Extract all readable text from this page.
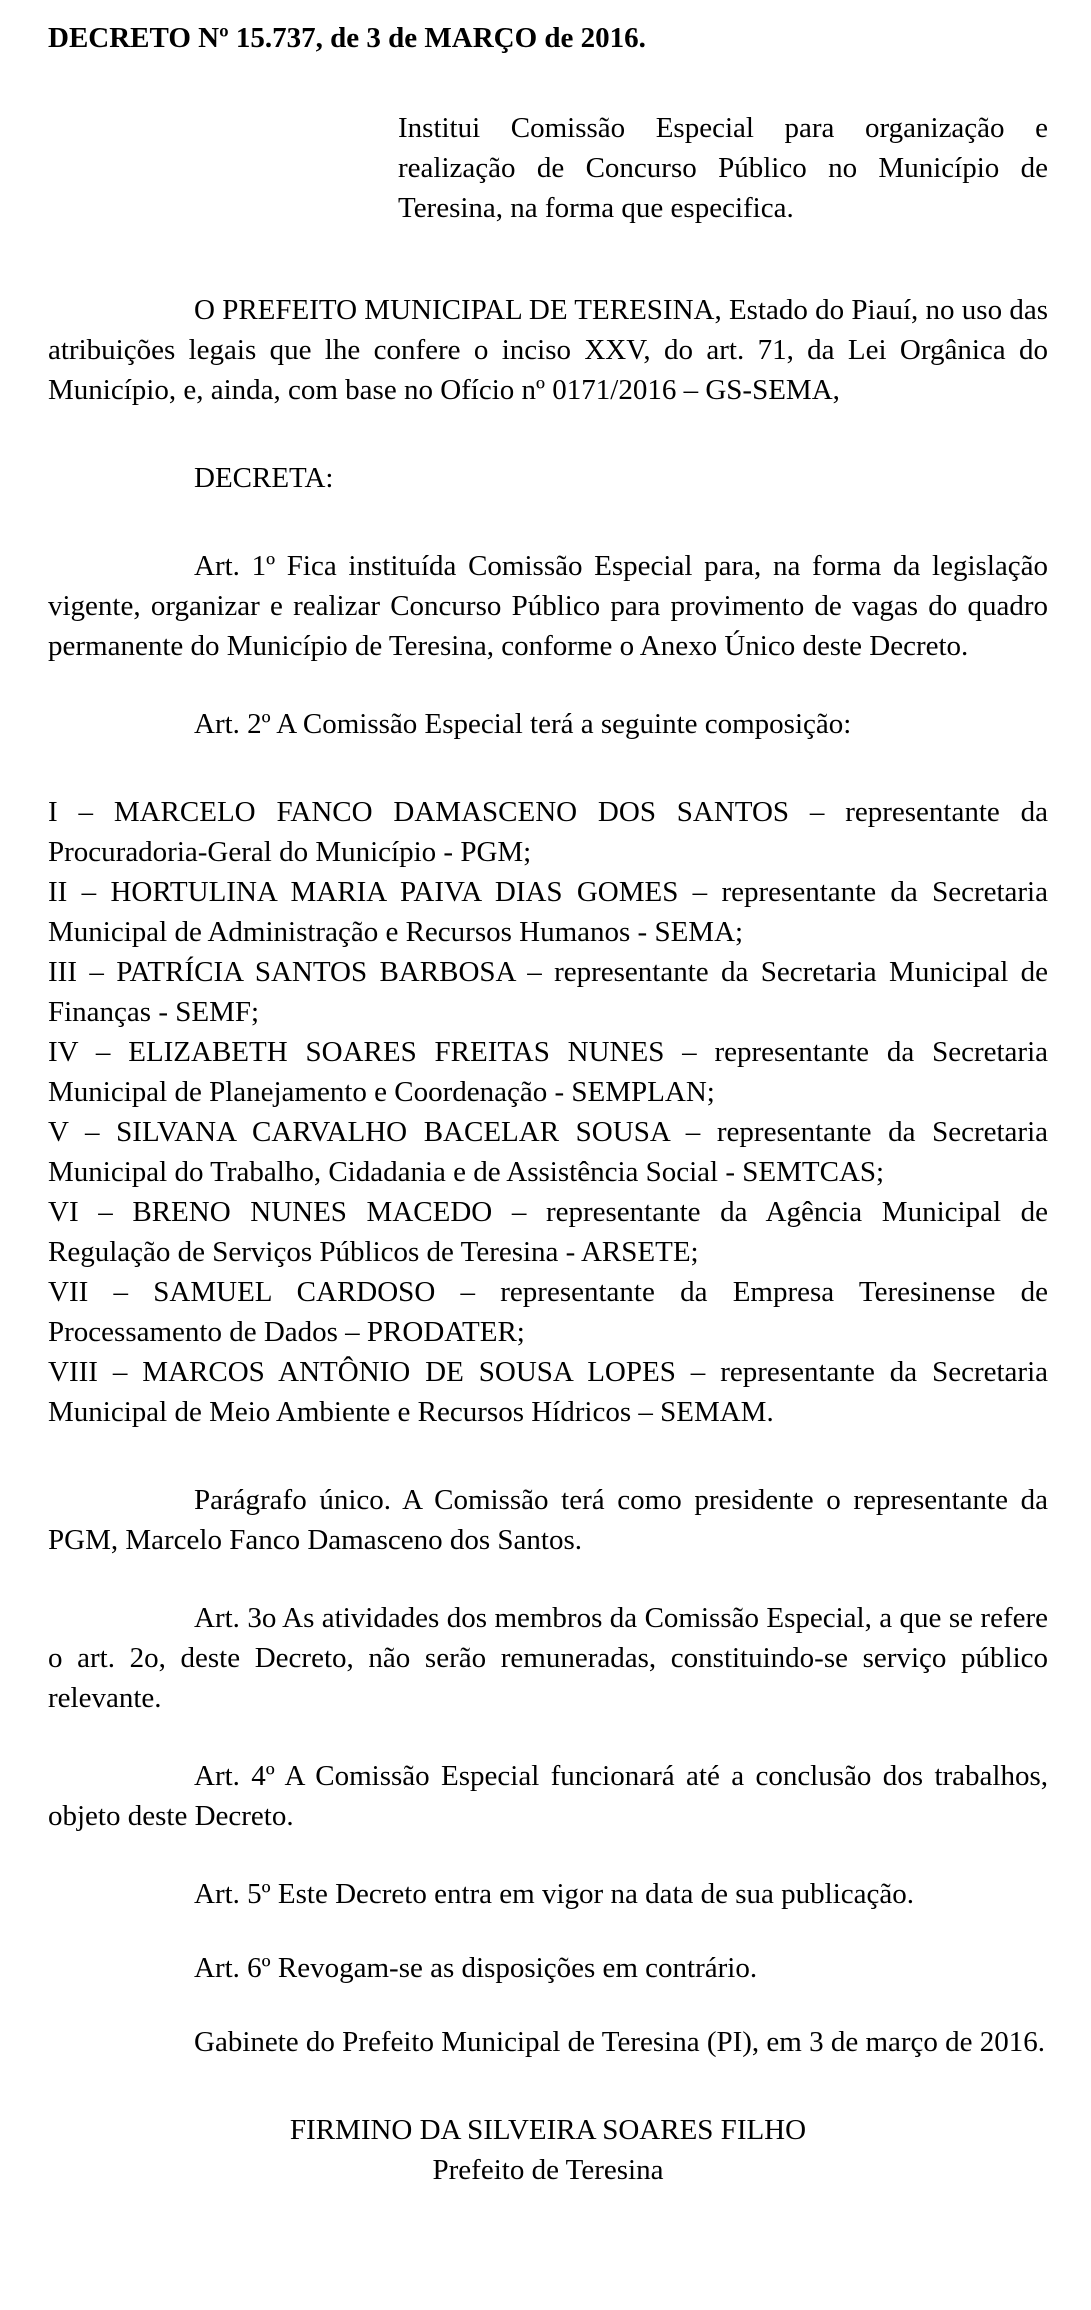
DECRETO Nº 15.737, de 3 de MARÇO de 2016.
Institui Comissão Especial para organização e realização de Concurso Público no Município de Teresina, na forma que especifica.

O PREFEITO MUNICIPAL DE TERESINA, Estado do Piauí, no uso das atribuições legais que lhe confere o inciso XXV, do art. 71, da Lei Orgânica do Município, e, ainda, com base no Ofício nº 0171/2016 – GS-SEMA,

DECRETA:

Art. 1º Fica instituída Comissão Especial para, na forma da legislação vigente, organizar e realizar Concurso Público para provimento de vagas do quadro permanente do Município de Teresina, conforme o Anexo Único deste Decreto.

Art. 2º A Comissão Especial terá a seguinte composição:

I – MARCELO FANCO DAMASCENO DOS SANTOS – representante da Procuradoria-Geral do Município - PGM;

II – HORTULINA MARIA PAIVA DIAS GOMES – representante da Secretaria Municipal de Administração e Recursos Humanos - SEMA;

III – PATRÍCIA SANTOS BARBOSA – representante da Secretaria Municipal de Finanças - SEMF;

IV – ELIZABETH SOARES FREITAS NUNES – representante da Secretaria Municipal de Planejamento e Coordenação - SEMPLAN;

V – SILVANA CARVALHO BACELAR SOUSA – representante da Secretaria Municipal do Trabalho, Cidadania e de Assistência Social - SEMTCAS;

VI – BRENO NUNES MACEDO – representante da Agência Municipal de Regulação de Serviços Públicos de Teresina - ARSETE;

VII – SAMUEL CARDOSO – representante da Empresa Teresinense de Processamento de Dados – PRODATER;

VIII – MARCOS ANTÔNIO DE SOUSA LOPES – representante da Secretaria Municipal de Meio Ambiente e Recursos Hídricos – SEMAM.

Parágrafo único. A Comissão terá como presidente o representante da PGM, Marcelo Fanco Damasceno dos Santos.

Art. 3o As atividades dos membros da Comissão Especial, a que se refere o art. 2o, deste Decreto, não serão remuneradas, constituindo-se serviço público relevante.

Art. 4º A Comissão Especial funcionará até a conclusão dos trabalhos, objeto deste Decreto.

Art. 5º Este Decreto entra em vigor na data de sua publicação.

Art. 6º Revogam-se as disposições em contrário.

Gabinete do Prefeito Municipal de Teresina (PI), em 3 de março de 2016.

FIRMINO DA SILVEIRA SOARES FILHO
Prefeito de Teresina
